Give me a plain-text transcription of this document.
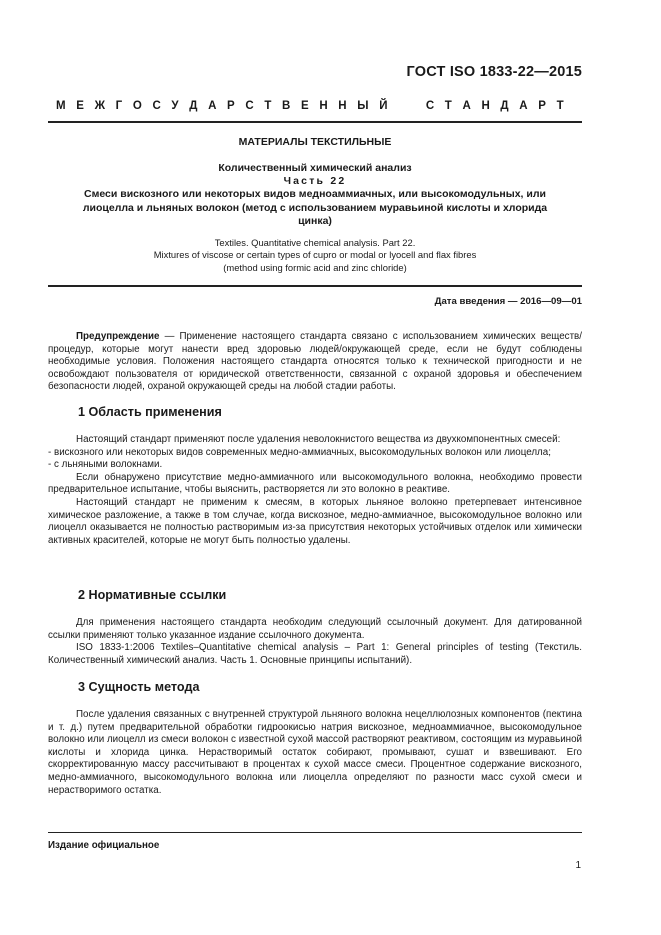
ГОСТ ISO 1833-22—2015
М Е Ж Г О С У Д А Р С Т В Е Н Н Ы Й

	С Т А Н Д А Р Т
МАТЕРИАЛЫ ТЕКСТИЛЬНЫЕ
Количественный химический анализ
Часть 22
Смеси вискозного или некоторых видов медноаммиачных, или высокомодульных, или
лиоцелла и льняных волокон (метод с использованием муравьиной кислоты и хлорида
цинка)
Textiles. Quantitative chemical analysis. Part 22.
Mixtures of viscose or certain types of cupro or modal or lyocell and flax fibres
(method using formic acid and zinc chloride)
Дата введения — 2016—09—01

Предупреждение — Применение настоящего стандарта связано с использованием химических веществ/процедур, которые могут нанести вред здоровью людей/окружающей среде, если не будут соблюдены необходимые условия. Положения настоящего стандарта относятся только к технической пригодности и не освобождают пользователя от юридической ответственности, связанной с охраной здоровья и обеспечением безопасности людей, охраной окружающей среды на любой стадии работы.

1 Область применения

Настоящий стандарт применяют после удаления неволокнистого вещества из двухкомпонентных смесей:

- вискозного или некоторых видов современных медно-аммиачных, высокомодульных волокон или лиоцелла;

- с льняными волокнами.

Если обнаружено присутствие медно-аммиачного или высокомодульного волокна, необходимо провести предварительное испытание, чтобы выяснить, растворяется ли это волокно в реактиве.

Настоящий стандарт не применим к смесям, в которых льняное волокно претерпевает интенсивное химическое разложение, а также в том случае, когда вискозное, медно-аммиачное, высокомодульное волокно или лиоцелл оказывается не полностью растворимым из-за присутствия некоторых устойчивых отделок или химически активных красителей, которые не могут быть полностью удалены.

2 Нормативные ссылки

Для применения настоящего стандарта необходим следующий ссылочный документ. Для датированной ссылки применяют только указанное издание ссылочного документа.

ISO 1833-1:2006 Textiles–Quantitative chemical analysis – Part 1: General principles of testing (Текстиль. Количественный химический анализ. Часть 1. Основные принципы испытаний).

3 Сущность метода

После удаления связанных с внутренней структурой льняного волокна нецеллюлозных компонентов (пектина и т. д.) путем предварительной обработки гидроокисью натрия вискозное, медноаммиачное, высокомодульное волокно или лиоцелл из смеси волокон с известной сухой массой растворяют реактивом, состоящим из муравьиной кислоты и хлорида цинка. Нерастворимый остаток собирают, промывают, сушат и взвешивают. Его скорректированную массу рассчитывают в процентах к сухой массе смеси. Процентное содержание вискозного, медно-аммиачного, высокомодульного волокна или лиоцелла определяют по разности масс сухой смеси и нерастворимого остатка.

Издание официальное
1
